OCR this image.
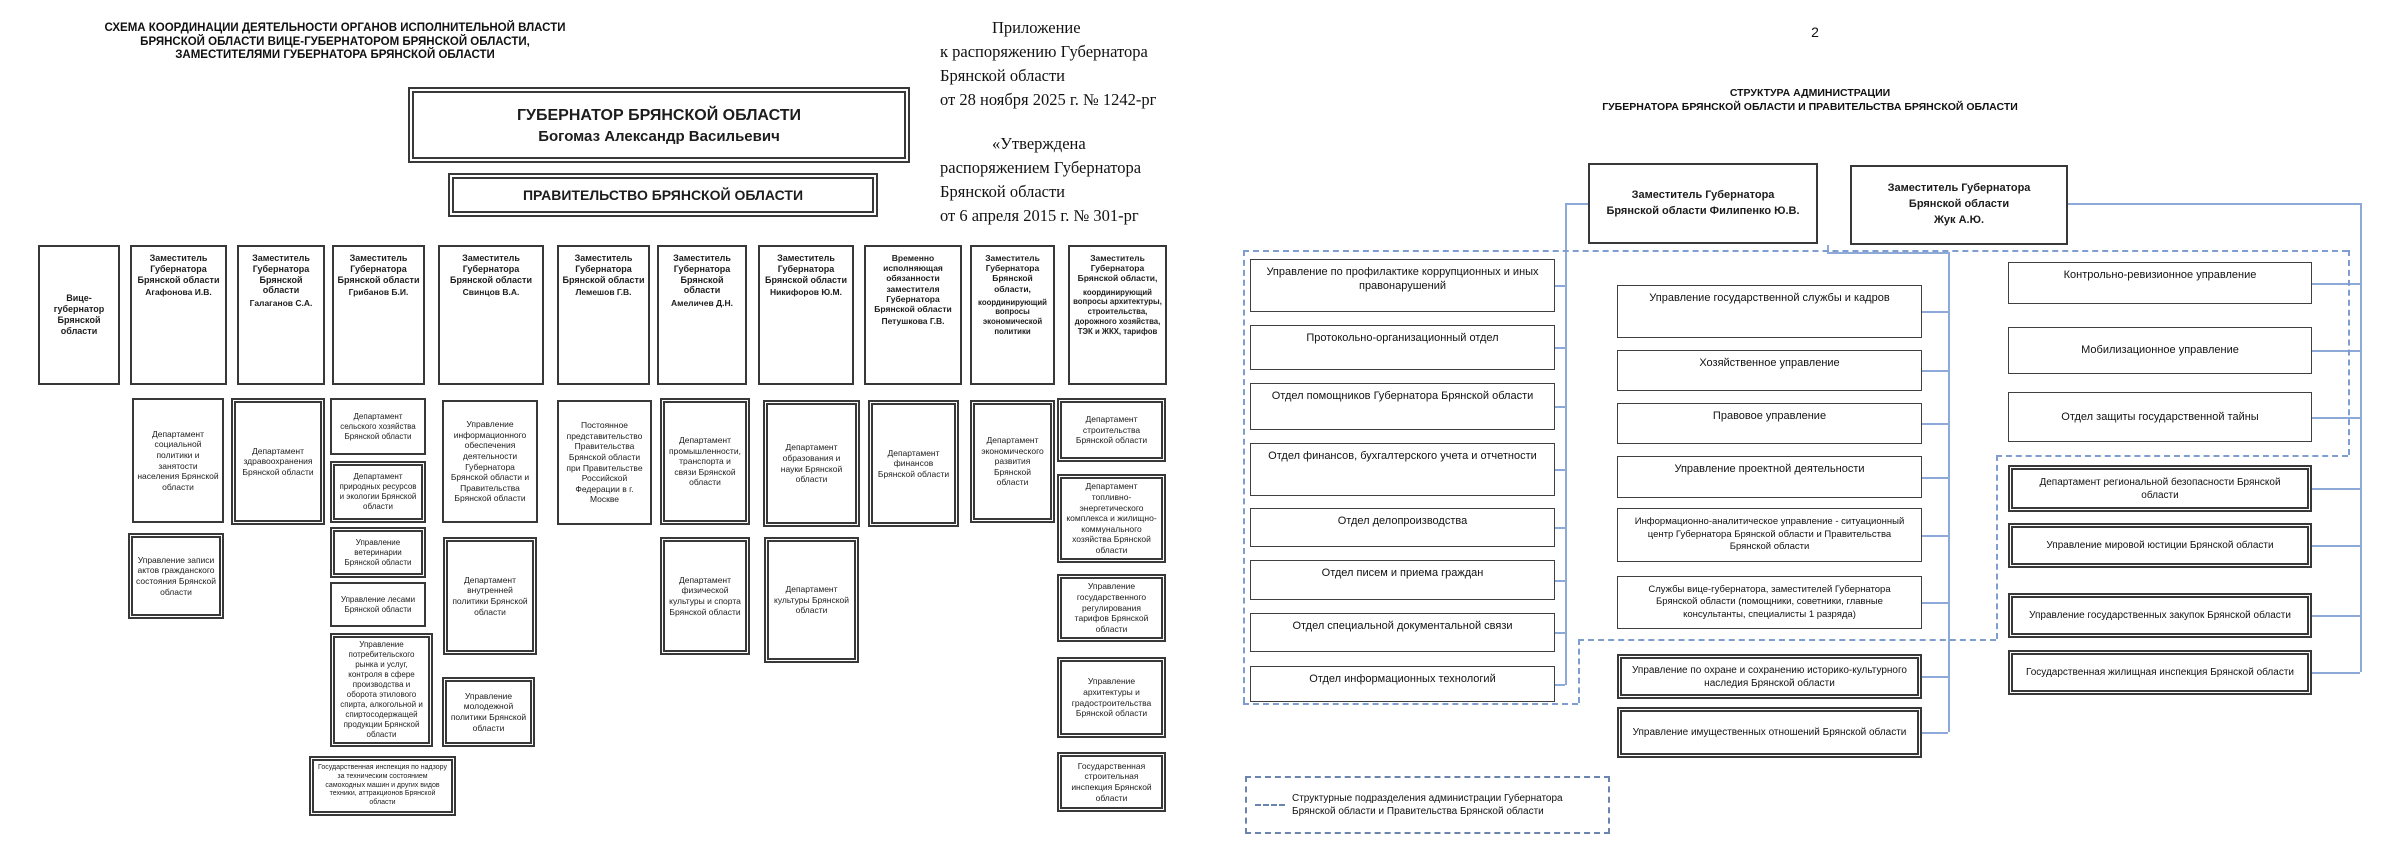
СХЕМА КООРДИНАЦИИ ДЕЯТЕЛЬНОСТИ ОРГАНОВ ИСПОЛНИТЕЛЬНОЙ ВЛАСТИ БРЯНСКОЙ ОБЛАСТИ ВИЦЕ-ГУБЕРНАТОРОМ БРЯНСКОЙ ОБЛАСТИ, ЗАМЕСТИТЕЛЯМИ ГУБЕРНАТОРА БРЯНСКОЙ ОБЛАСТИ
Приложение
к распоряжению Губернатора
Брянской области
от 28 ноября 2025 г. № 1242-рг
«Утверждена
распоряжением Губернатора
Брянской области
от 6 апреля 2015 г. № 301-рг
ГУБЕРНАТОР БРЯНСКОЙ ОБЛАСТИ
Богомаз Александр Васильевич
ПРАВИТЕЛЬСТВО БРЯНСКОЙ ОБЛАСТИ
Вице-губернатор Брянской области
Заместитель Губернатора Брянской области
Агафонова И.В.
Заместитель Губернатора Брянской области
Галаганов С.А.
Заместитель Губернатора Брянской области
Грибанов Б.И.
Заместитель Губернатора Брянской области
Свинцов В.А.
Заместитель Губернатора Брянской области
Лемешов Г.В.
Заместитель Губернатора Брянской области
Амеличев Д.Н.
Заместитель Губернатора Брянской области
Никифоров Ю.М.
Временно исполняющая обязанности заместителя Губернатора Брянской области
Петушкова Г.В.
Заместитель Губернатора Брянской области,
координирующий вопросы экономической политики
Заместитель Губернатора Брянской области,
координирующий вопросы архитектуры, строительства, дорожного хозяйства, ТЭК и ЖКХ, тарифов
Департамент социальной политики и занятости населения Брянской области
Управление записи актов гражданского состояния Брянской области
Департамент здравоохранения Брянской области
Департамент сельского хозяйства Брянской области
Департамент природных ресурсов и экологии Брянской области
Управление ветеринарии Брянской области
Управление лесами Брянской области
Управление потребительского рынка и услуг, контроля в сфере производства и оборота этилового спирта, алкогольной и спиртосодержащей продукции Брянской области
Государственная инспекция по надзору за техническим состоянием самоходных машин и других видов техники, аттракционов Брянской области
Управление информационного обеспечения деятельности Губернатора Брянской области и Правительства Брянской области
Департамент внутренней политики Брянской области
Управление молодежной политики Брянской области
Постоянное представительство Правительства Брянской области при Правительстве Российской Федерации в г. Москве
Департамент промышленности, транспорта и связи Брянской области
Департамент физической культуры и спорта Брянской области
Департамент образования и науки Брянской области
Департамент культуры Брянской области
Департамент финансов Брянской области
Департамент экономического развития Брянской области
Департамент строительства Брянской области
Департамент топливно-энергетического комплекса и жилищно-коммунального хозяйства Брянской области
Управление государственного регулирования тарифов Брянской области
Управление архитектуры и градостроительства Брянской области
Государственная строительная инспекция Брянской области
2
СТРУКТУРА АДМИНИСТРАЦИИ
ГУБЕРНАТОРА БРЯНСКОЙ ОБЛАСТИ И ПРАВИТЕЛЬСТВА БРЯНСКОЙ ОБЛАСТИ
Заместитель Губернатора
Брянской области Филипенко Ю.В.
Заместитель Губернатора
Брянской области
Жук А.Ю.
Управление по профилактике коррупционных и иных правонарушений
Протокольно-организационный отдел
Отдел помощников Губернатора Брянской области
Отдел финансов, бухгалтерского учета и отчетности
Отдел делопроизводства
Отдел писем и приема граждан
Отдел специальной документальной связи
Отдел информационных технологий
Управление государственной службы и кадров
Хозяйственное управление
Правовое управление
Управление проектной деятельности
Информационно-аналитическое управление - ситуационный центр Губернатора Брянской области и Правительства Брянской области
Службы вице-губернатора, заместителей Губернатора Брянской области (помощники, советники, главные консультанты, специалисты 1 разряда)
Управление по охране и сохранению историко-культурного наследия Брянской области
Управление имущественных отношений Брянской области
Контрольно-ревизионное управление
Мобилизационное управление
Отдел защиты государственной тайны
Департамент региональной безопасности Брянской области
Управление мировой юстиции Брянской области
Управление государственных закупок Брянской области
Государственная жилищная инспекция Брянской области
Структурные подразделения администрации Губернатора Брянской области и Правительства Брянской области
